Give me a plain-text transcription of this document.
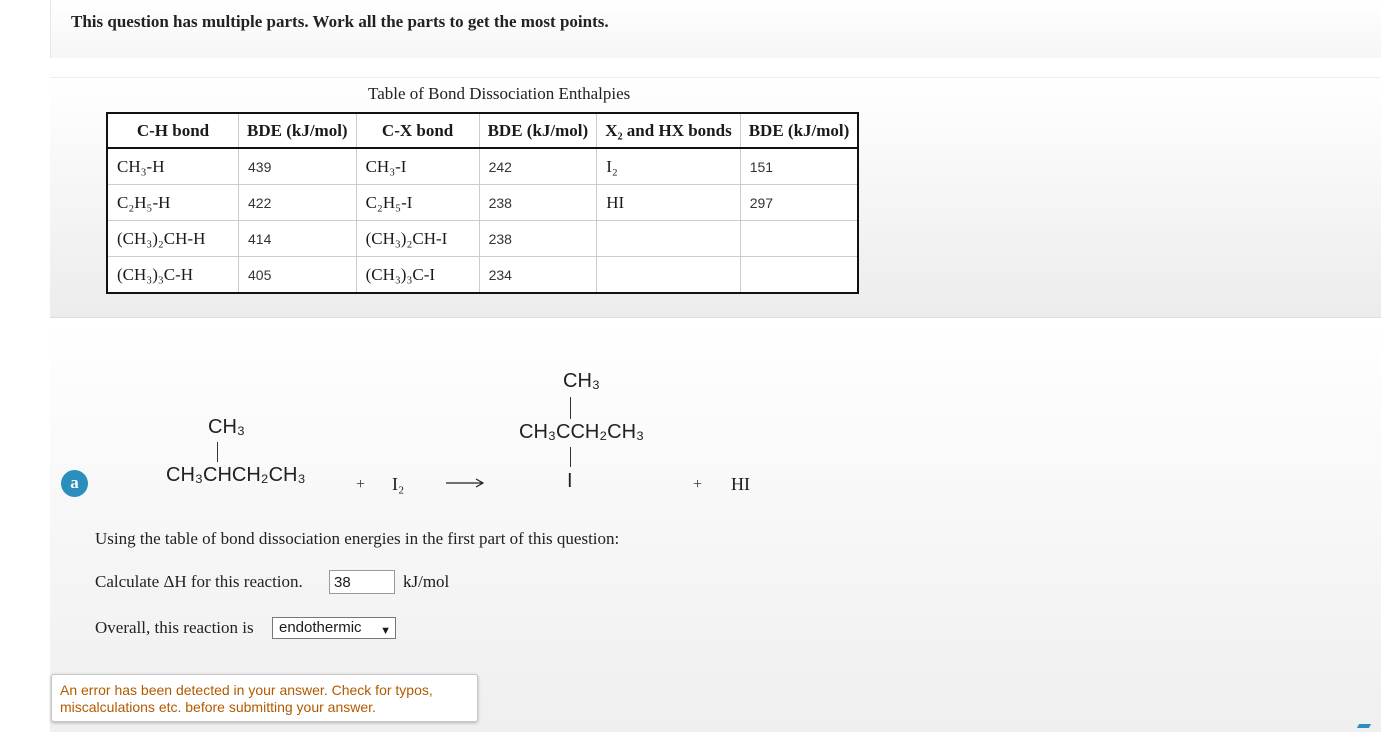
This question has multiple parts. Work all the parts to get the most points.
Table of Bond Dissociation Enthalpies
C-H bond	BDE (kJ/mol)	C-X bond	BDE (kJ/mol)	X₂ and HX bonds	BDE (kJ/mol)
CH₃-H	439	CH₃-I	242	I₂	151
C₂H₅-H	422	C₂H₅-I	238	HI	297
(CH₃)₂CH-H	414	(CH₃)₂CH-I	238		
(CH₃)₃C-H	405	(CH₃)₃C-I	234		
a
CH₃
CH₃CHCH₂CH₃	+ I₂
CH₃
CH₃CCH₂CH₃
I	+ HI
Using the table of bond dissociation energies in the first part of this question:
Calculate ΔH for this reaction.	38	kJ/mol
Overall, this reaction is	endothermic ▼
An error has been detected in your answer. Check for typos, miscalculations etc. before submitting your answer.
